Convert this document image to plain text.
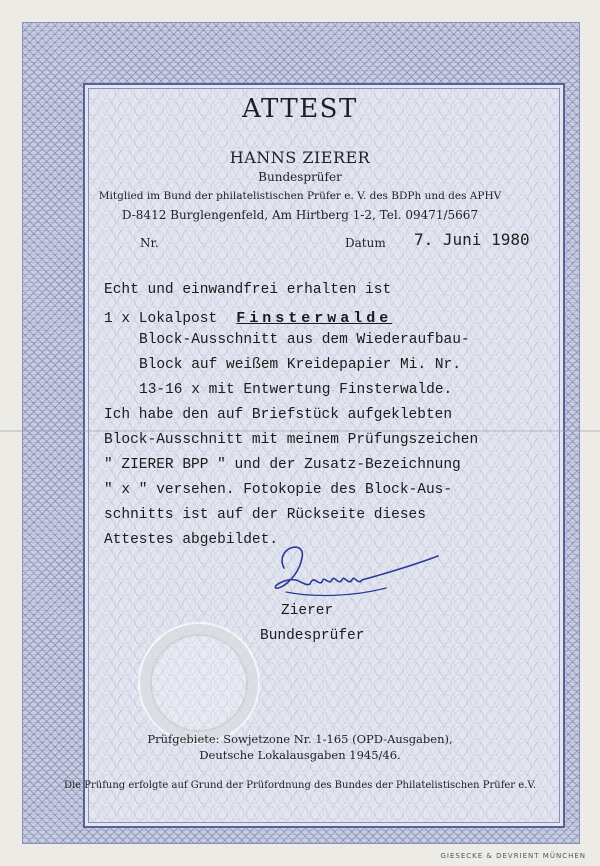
ATTEST
HANNS ZIERER
Bundesprüfer
Mitglied im Bund der philatelistischen Prüfer e. V. des BDPh und des APHV
D-8412 Burglengenfeld, Am Hirtberg 1-2, Tel. 09471/5667
Nr.	Datum 7. Juni 1980
Echt und einwandfrei erhalten ist
1 x Lokalpost Finsterwalde
Block-Ausschnitt aus dem Wiederaufbau-
Block auf weißem Kreidepapier Mi. Nr.
13-16 x mit Entwertung Finsterwalde.
Ich habe den auf Briefstück aufgeklebten
Block-Ausschnitt mit meinem Prüfungszeichen
" ZIERER BPP " und der Zusatz-Bezeichnung
" x " versehen. Fotokopie des Block-Aus-
schnitts ist auf der Rückseite dieses
Attestes abgebildet.
Zierer
Bundesprüfer
Prüfgebiete: Sowjetzone Nr. 1-165 (OPD-Ausgaben),
Deutsche Lokalausgaben 1945/46.
Die Prüfung erfolgte auf Grund der Prüfordnung des Bundes der Philatelistischen Prüfer e.V.
GIESECKE & DEVRIENT MÜNCHEN
